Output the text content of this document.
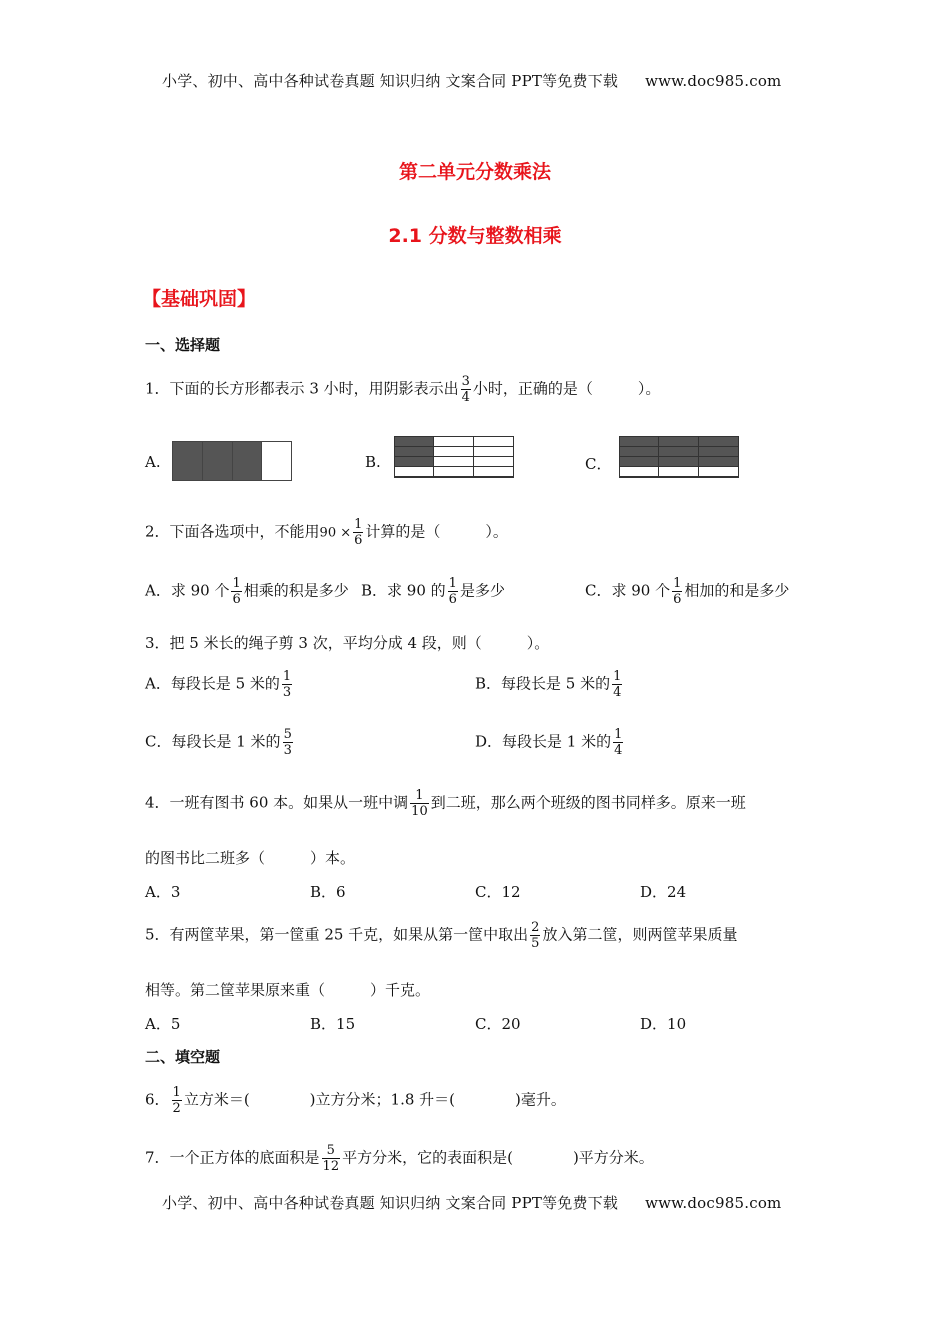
小学、初中、高中各种试卷真题 知识归纳 文案合同 PPT等免费下载 www.doc985.com
第二单元分数乘法
2.1 分数与整数相乘
【基础巩固】
一、选择题
1．下面的长方形都表示 3 小时，用阴影表示出 $\frac{3}{4}$ 小时，正确的是（　　　）。
A.	B.	C．
2．下面各选项中，不能用$90 \times \frac{1}{6}$ 计算的是（　　　）。
A．求 90 个 $\frac{1}{6}$ 相乘的积是多少 B．求 90 的 $\frac{1}{6}$ 是多少	C．求 90 个 $\frac{1}{6}$ 相加的和是多少
3．把 5 米长的绳子剪 3 次，平均分成 4 段，则（　　　）。
A．每段长是 5 米的 $\frac{1}{3}$	B．每段长是 5 米的 $\frac{1}{4}$
C．每段长是 1 米的 $\frac{5}{3}$	D．每段长是 1 米的 $\frac{1}{4}$
4．一班有图书 60 本。如果从一班中调 $\frac{1}{10}$ 到二班，那么两个班级的图书同样多。原来一班
的图书比二班多（　　　）本。
A．3	B．6	C．12	D．24
5．有两筐苹果，第一筐重 25 千克，如果从第一筐中取出 $\frac{2}{5}$ 放入第二筐，则两筐苹果质量
相等。第二筐苹果原来重（　　　）千克。
A．5	B．15	C．20	D．10
二、填空题
6． $\frac{1}{2}$ 立方米＝(　　　　)立方分米；1.8 升＝(　　　　)毫升。
7．一个正方体的底面积是 $\frac{5}{12}$ 平方分米，它的表面积是(　　　　)平方分米。
小学、初中、高中各种试卷真题 知识归纳 文案合同 PPT等免费下载 www.doc985.com
